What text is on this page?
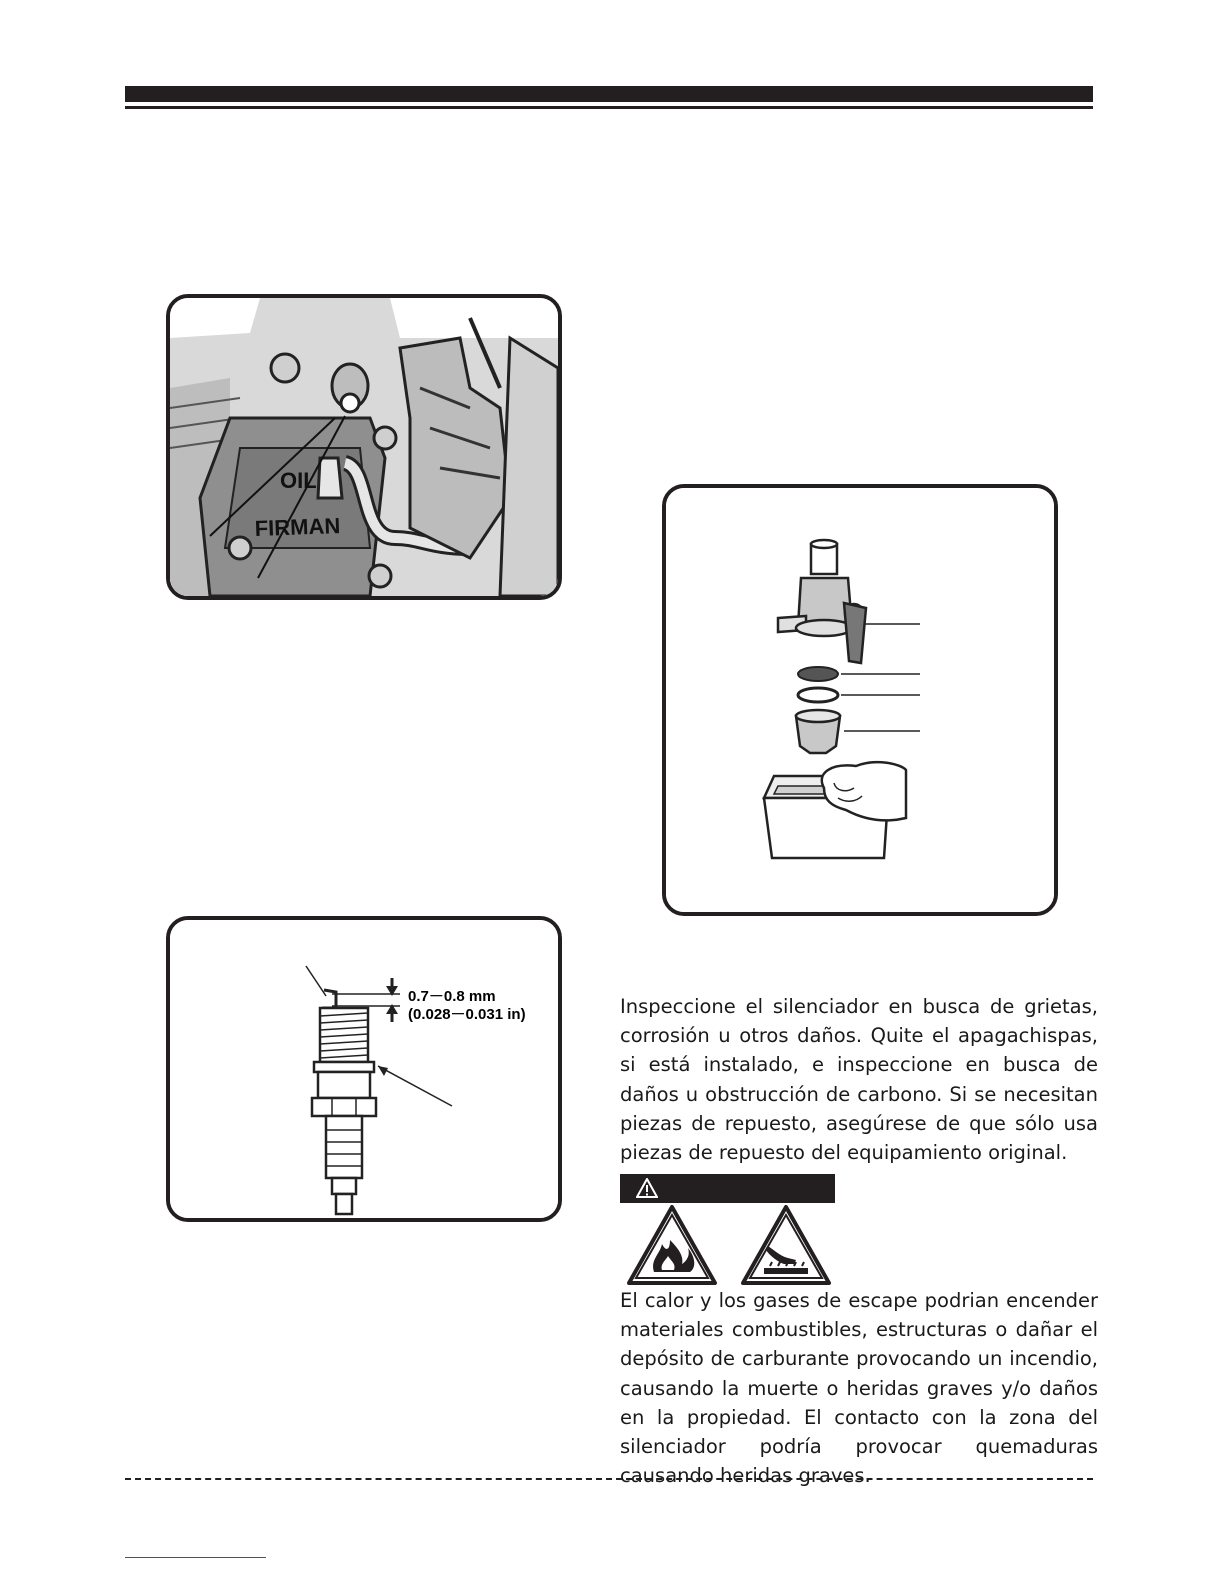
OIL
FIRMAN
0.7－0.8 mm
(0.028－0.031 in)	Inspeccione el silenciador en busca de grietas, corrosión u otros daños. Quite el apagachispas, si está instalado, e inspeccione en busca de daños u obstrucción de carbono. Si se necesitan piezas de repuesto, asegúrese de que sólo usa piezas de repuesto del equipamiento original.

El calor y los gases de escape podrian encender materiales combustibles, estructuras o dañar el depósito de carburante provocando un incendio, causando la muerte o heridas graves y/o daños en la propiedad. El contacto con la zona del silenciador podría provocar quemaduras causando heridas graves.
